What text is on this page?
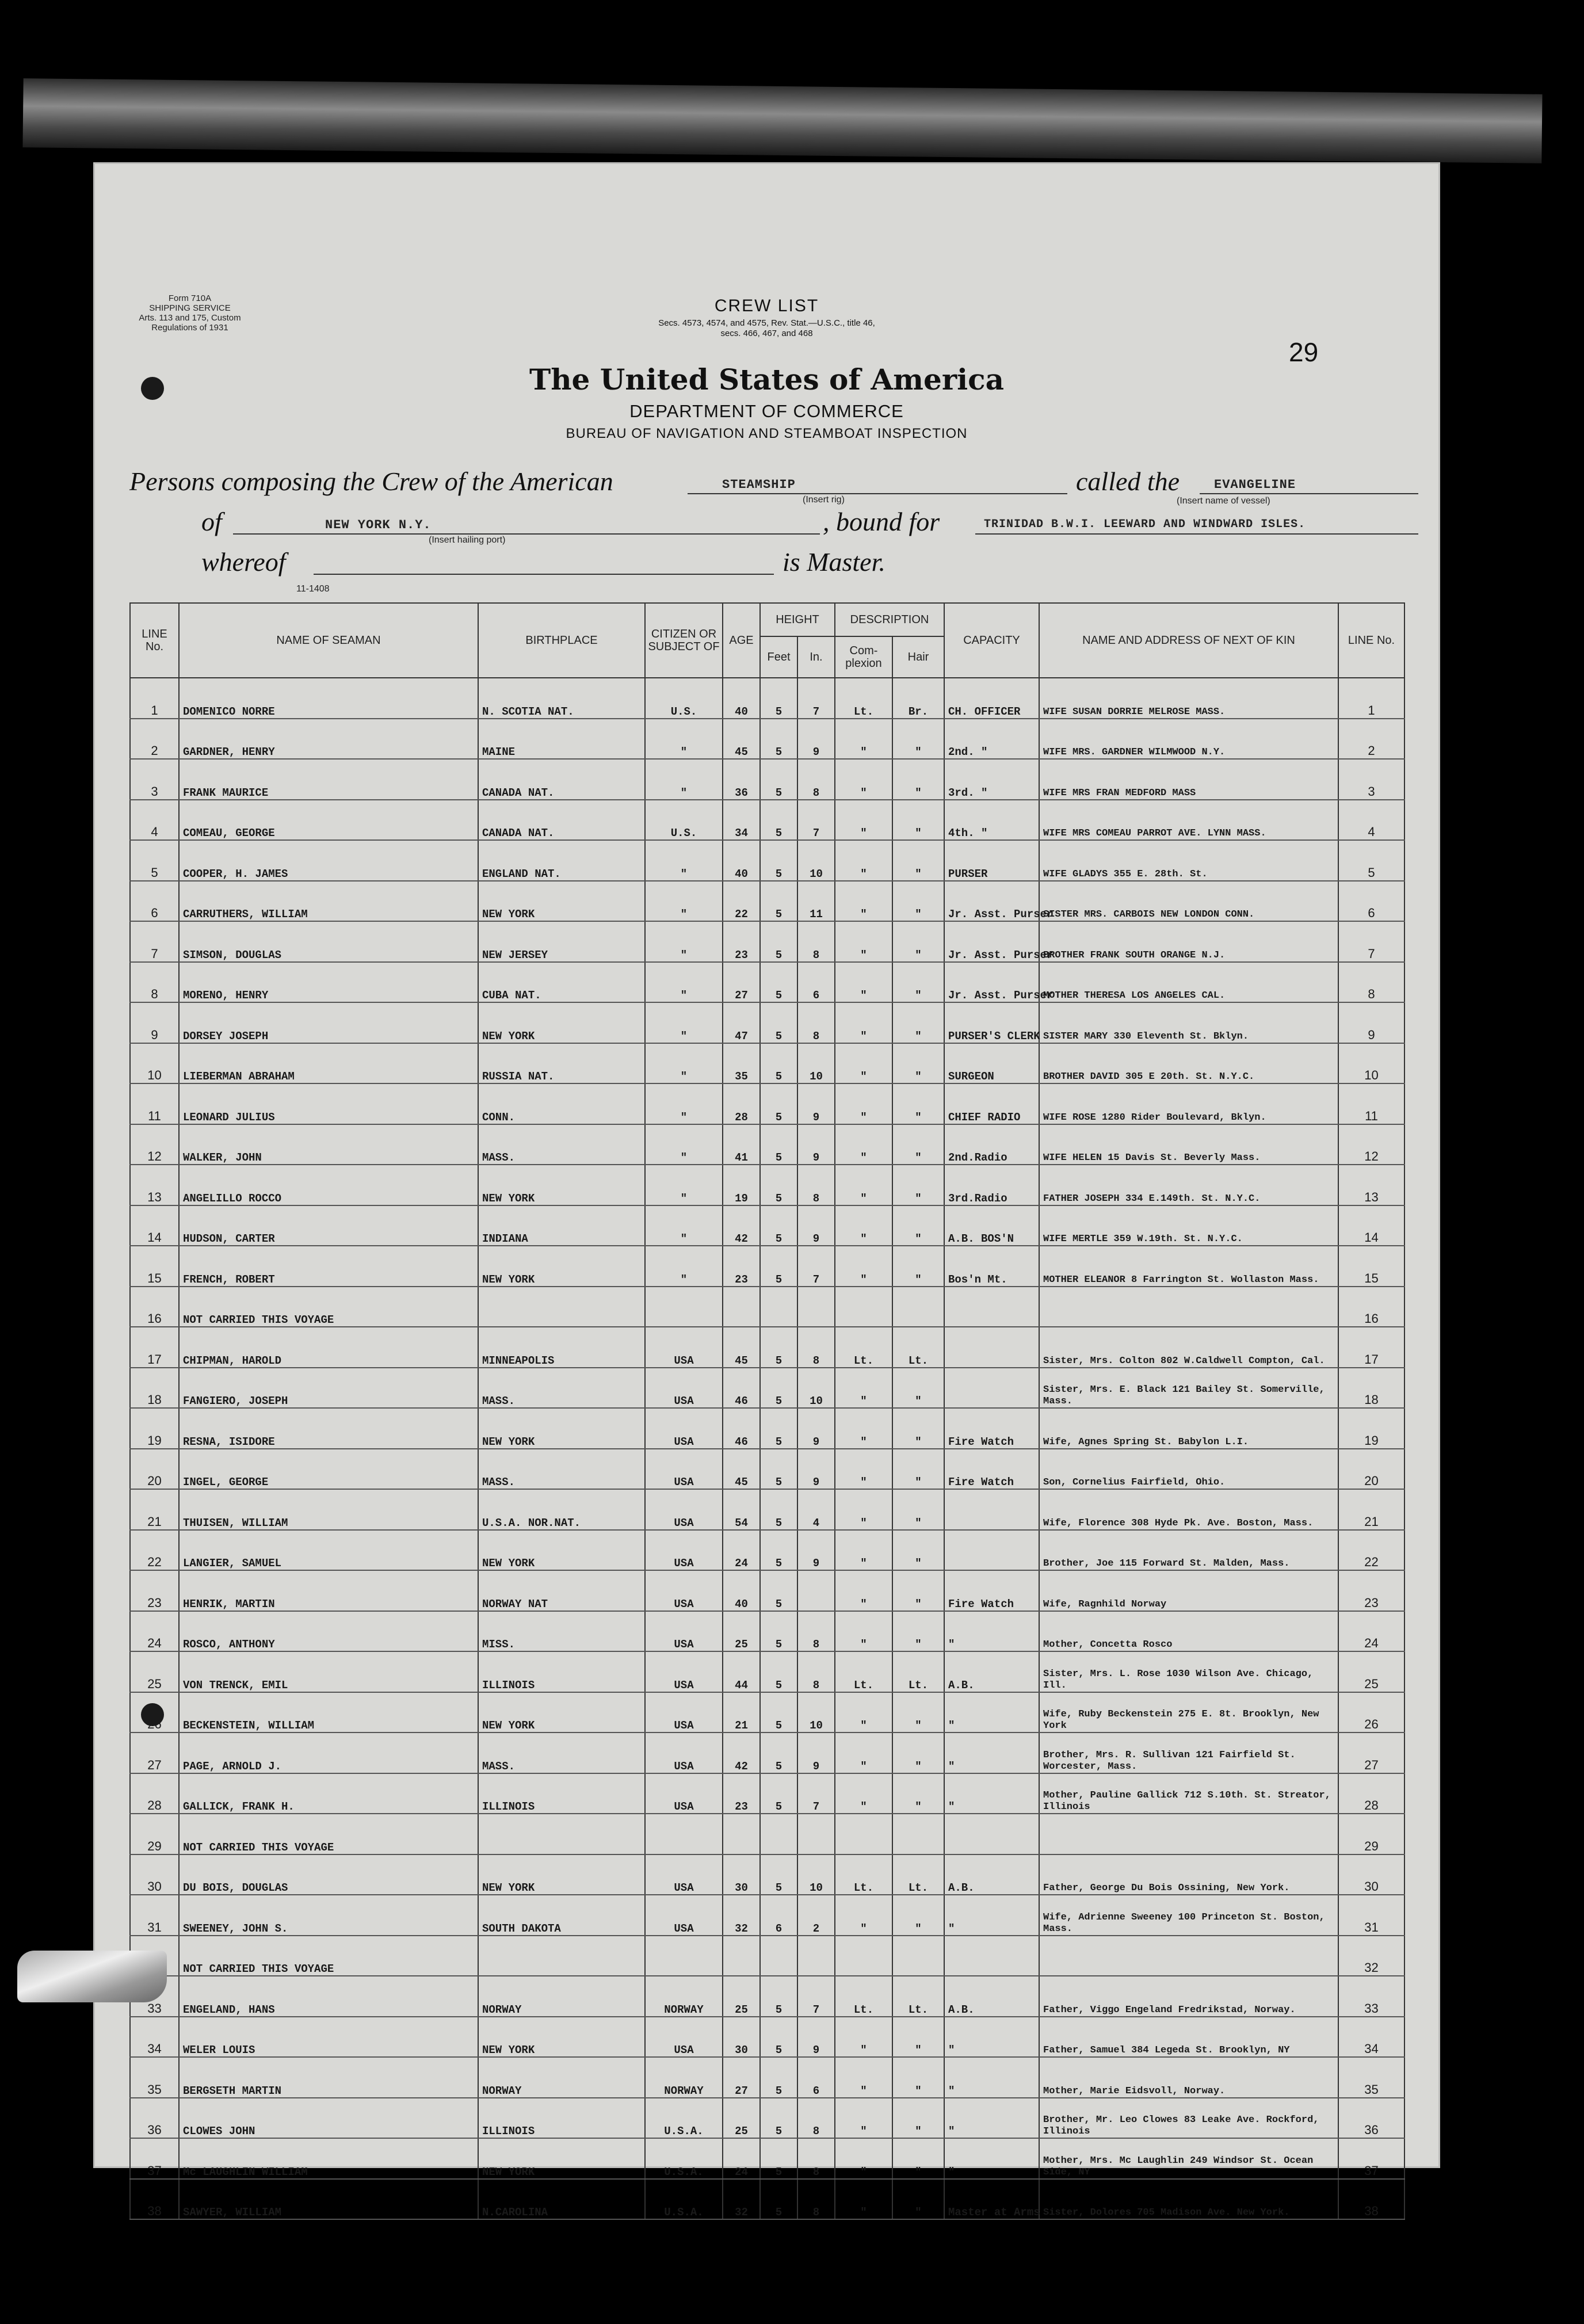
Form 710A
SHIPPING SERVICE
Arts. 113 and 175, Custom Regulations of 1931
29
CREW LIST
Secs. 4573, 4574, and 4575, Rev. Stat.—U.S.C., title 46,
secs. 466, 467, and 468
The United States of America
DEPARTMENT OF COMMERCE
BUREAU OF NAVIGATION AND STEAMBOAT INSPECTION
Persons composing the Crew of the American	STEAMSHIP
(Insert rig)
called the	EVANGELINE
(Insert name of vessel)
of	NEW YORK N.Y.
(Insert hailing port)
, bound for	TRINIDAD B.W.I. LEEWARD AND WINDWARD ISLES.
whereof	is Master.
11-1408
LINE No.	NAME OF SEAMAN	BIRTHPLACE	CITIZEN OR SUBJECT OF	AGE	HEIGHT		DESCRIPTION		CAPACITY	NAME AND ADDRESS OF NEXT OF KIN	LINE No.
					Feet	In.	Com-plexion	Hair			
1	DOMENICO NORRE	N. SCOTIA NAT.	U.S.	40	5	7	Lt.	Br.	CH. OFFICER	WIFE SUSAN DORRIE MELROSE MASS.	1
2	GARDNER, HENRY	MAINE	"	45	5	9	"	"	2nd. "	WIFE MRS. GARDNER WILMWOOD N.Y.	2
3	FRANK MAURICE	CANADA NAT.	"	36	5	8	"	"	3rd. "	WIFE MRS FRAN MEDFORD MASS	3
4	COMEAU, GEORGE	CANADA NAT.	U.S.	34	5	7	"	"	4th. "	WIFE MRS COMEAU PARROT AVE. LYNN MASS.	4
5	COOPER, H. JAMES	ENGLAND NAT.	"	40	5	10	"	"	PURSER	WIFE GLADYS 355 E. 28th. St.	5
6	CARRUTHERS, WILLIAM	NEW YORK	"	22	5	11	"	"	Jr. Asst. Purser	SISTER MRS. CARBOIS NEW LONDON CONN.	6
7	SIMSON, DOUGLAS	NEW JERSEY	"	23	5	8	"	"	Jr. Asst. Purser	BROTHER FRANK SOUTH ORANGE N.J.	7
8	MORENO, HENRY	CUBA NAT.	"	27	5	6	"	"	Jr. Asst. Purser	MOTHER THERESA LOS ANGELES CAL.	8
9	DORSEY JOSEPH	NEW YORK	"	47	5	8	"	"	PURSER'S CLERK	SISTER MARY 330 Eleventh St. Bklyn.	9
10	LIEBERMAN ABRAHAM	RUSSIA NAT.	"	35	5	10	"	"	SURGEON	BROTHER DAVID 305 E 20th. St. N.Y.C.	10
11	LEONARD JULIUS	CONN.	"	28	5	9	"	"	CHIEF RADIO	WIFE ROSE 1280 Rider Boulevard, Bklyn.	11
12	WALKER, JOHN	MASS.	"	41	5	9	"	"	2nd.Radio	WIFE HELEN 15 Davis St. Beverly Mass.	12
13	ANGELILLO ROCCO	NEW YORK	"	19	5	8	"	"	3rd.Radio	FATHER JOSEPH 334 E.149th. St. N.Y.C.	13
14	HUDSON, CARTER	INDIANA	"	42	5	9	"	"	A.B. BOS'N	WIFE MERTLE 359 W.19th. St. N.Y.C.	14
15	FRENCH, ROBERT	NEW YORK	"	23	5	7	"	"	Bos'n Mt.	MOTHER ELEANOR 8 Farrington St. Wollaston Mass.	15
16	NOT CARRIED THIS VOYAGE										16
17	CHIPMAN, HAROLD	MINNEAPOLIS	USA	45	5	8	Lt.	Lt.		Sister, Mrs. Colton 802 W.Caldwell Compton, Cal.	17
18	FANGIERO, JOSEPH	MASS.	USA	46	5	10	"	"		Sister, Mrs. E. Black 121 Bailey St. Somerville, Mass.	18
19	RESNA, ISIDORE	NEW YORK	USA	46	5	9	"	"	Fire Watch	Wife, Agnes Spring St. Babylon L.I.	19
20	INGEL, GEORGE	MASS.	USA	45	5	9	"	"	Fire Watch	Son, Cornelius Fairfield, Ohio.	20
21	THUISEN, WILLIAM	U.S.A. NOR.NAT.	USA	54	5	4	"	"		Wife, Florence 308 Hyde Pk. Ave. Boston, Mass.	21
22	LANGIER, SAMUEL	NEW YORK	USA	24	5	9	"	"		Brother, Joe 115 Forward St. Malden, Mass.	22
23	HENRIK, MARTIN	NORWAY NAT	USA	40	5		"	"	Fire Watch	Wife, Ragnhild Norway	23
24	ROSCO, ANTHONY	MISS.	USA	25	5	8	"	"	"	Mother, Concetta Rosco	24
25	VON TRENCK, EMIL	ILLINOIS	USA	44	5	8	Lt.	Lt.	A.B.	Sister, Mrs. L. Rose 1030 Wilson Ave. Chicago, Ill.	25
26	BECKENSTEIN, WILLIAM	NEW YORK	USA	21	5	10	"	"	"	Wife, Ruby Beckenstein 275 E. 8t. Brooklyn, New York	26
27	PAGE, ARNOLD J.	MASS.	USA	42	5	9	"	"	"	Brother, Mrs. R. Sullivan 121 Fairfield St. Worcester, Mass.	27
28	GALLICK, FRANK H.	ILLINOIS	USA	23	5	7	"	"	"	Mother, Pauline Gallick 712 S.10th. St. Streator, Illinois	28
29	NOT CARRIED THIS VOYAGE										29
30	DU BOIS, DOUGLAS	NEW YORK	USA	30	5	10	Lt.	Lt.	A.B.	Father, George Du Bois Ossining, New York.	30
31	SWEENEY, JOHN S.	SOUTH DAKOTA	USA	32	6	2	"	"	"	Wife, Adrienne Sweeney 100 Princeton St. Boston, Mass.	31
	NOT CARRIED THIS VOYAGE										32
33	ENGELAND, HANS	NORWAY	NORWAY	25	5	7	Lt.	Lt.	A.B.	Father, Viggo Engeland Fredrikstad, Norway.	33
34	WELER LOUIS	NEW YORK	USA	30	5	9	"	"	"	Father, Samuel 384 Legeda St. Brooklyn, NY	34
35	BERGSETH MARTIN	NORWAY	NORWAY	27	5	6	"	"	"	Mother, Marie Eidsvoll, Norway.	35
36	CLOWES JOHN	ILLINOIS	U.S.A.	25	5	8	"	"	"	Brother, Mr. Leo Clowes 83 Leake Ave. Rockford, Illinois	36
37	Mc LAUGHLIN WILLIAM	NEW YORK	U.S.A.	24	5	8	"	"	"	Mother, Mrs. Mc Laughlin 249 Windsor St. Ocean Side, NY	37
38	SAWYER, WILLIAM	N.CAROLINA	U.S.A.	32	5	8	"	"	Master at Arms	Sister, Dolores 705 Madison Ave. New York.	38
